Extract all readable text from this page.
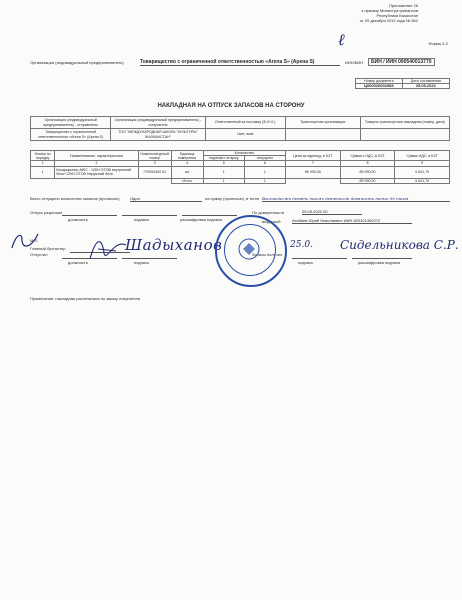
Приложение 26
к приказу Министра финансов
Республики Казахстан
от 20 декабря 2012 года № 562
ℓ	Форма З-2
Организация (индивидуальный предприниматель)	Товарищество с ограниченной ответственностью «Arena S» (Арена S)	ИИН/БИН	БИН / ИИН 090540013770
Номер документа	Дата составления
Ц000020002985	25.05.2022
НАКЛАДНАЯ НА ОТПУСК ЗАПАСОВ НА СТОРОНУ
Организация (индивидуальный предприниматель) - отправитель	Организация (индивидуальный предприниматель) - получатель	Ответственный за поставку (Ф.И.О.)	Транспортная организация	Товарно-транспортная накладная (номер, дата)
Товарищество с ограниченной ответственностью «Arena S» (Арена S)	ТОО "МЕЖДУНАРОДНАЯ ШКОЛА "КУЛЬТУРЫ" ЖАЗКАНСТАН"	User, arab		
Номер по порядку	Наименование, характеристика	Номенклатурный номер	Единица измерения	Количество		Цена за единицу, в KZT	Сумма с НДС, в KZT	Сумма НДС, в KZT
				подлежит отпуску	отпущено			
1	2	3	4	5	6	7	8	9
1	Кондиционер AWC - 12KH-STOB внутренний блок+12KH-STOB Наружный блок	770053400 81	шт	1	1	89 990,00	89 990,00	9 641,79
			Итого	1	1		89 990,00	9 641,79
Всего отпущено количество запасов (прописью)	Один	на сумму (прописью), в тенге Восемьдесят девять тысяч девятьсот девяносто тенге 00 тиын
Отпуск разрешил
должность	подпись	расшифровка подписи
По доверенности	25.05.2022 00
выданной	Атабаев Юрий Николаевич ИИН 820301300272
М.П.
Главный бухгалтер
Отпустил
должность	подпись
Запасы получил
подпись	расшифровка подписи
Шадыханов	25.0. Сидельникова С.Р.
Примечание: накладная распечатана по заказу покупателя
